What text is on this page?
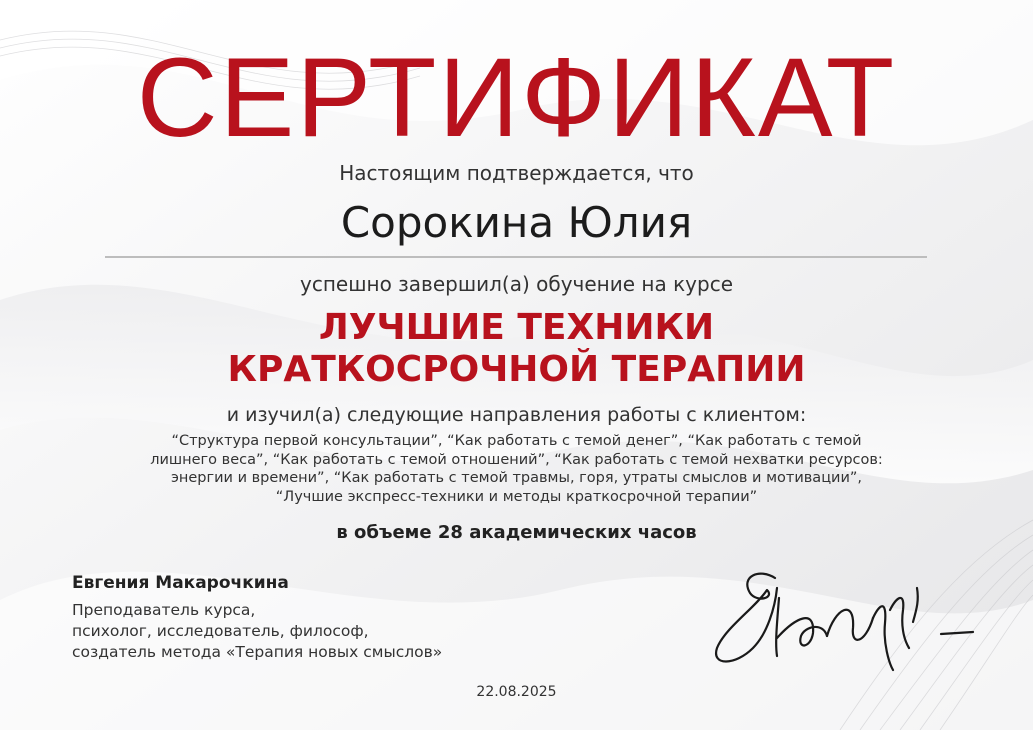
СЕРТИФИКАТ
Настоящим подтверждается, что
Сорокина Юлия
успешно завершил(а) обучение на курсе
ЛУЧШИЕ ТЕХНИКИ
КРАТКОСРОЧНОЙ ТЕРАПИИ
и изучил(а) следующие направления работы с клиентом:
“Структура первой консультации”, “Как работать с темой денег”, “Как работать с темой
лишнего веса”, “Как работать с темой отношений”, “Как работать с темой нехватки ресурсов:
энергии и времени”, “Как работать с темой травмы, горя, утраты смыслов и мотивации”,
“Лучшие экспресс-техники и методы краткосрочной терапии”
в объеме 28 академических часов
Евгения Макарочкина
Преподаватель курса,
психолог, исследователь, философ,
создатель метода «Терапия новых смыслов»
22.08.2025
